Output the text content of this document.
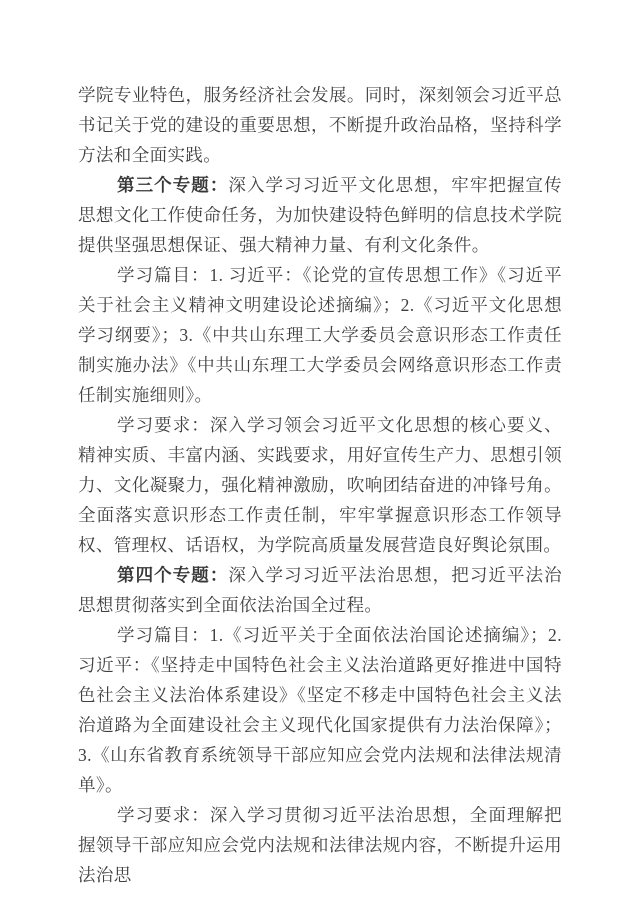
学院专业特色，服务经济社会发展。同时，深刻领会习近平总书记关于党的建设的重要思想，不断提升政治品格，坚持科学方法和全面实践。

第三个专题：深入学习习近平文化思想，牢牢把握宣传思想文化工作使命任务，为加快建设特色鲜明的信息技术学院提供坚强思想保证、强大精神力量、有利文化条件。

学习篇目：1. 习近平：《论党的宣传思想工作》《习近平关于社会主义精神文明建设论述摘编》；2.《习近平文化思想学习纲要》；3.《中共山东理工大学委员会意识形态工作责任制实施办法》《中共山东理工大学委员会网络意识形态工作责任制实施细则》。

学习要求：深入学习领会习近平文化思想的核心要义、精神实质、丰富内涵、实践要求，用好宣传生产力、思想引领力、文化凝聚力，强化精神激励，吹响团结奋进的冲锋号角。全面落实意识形态工作责任制，牢牢掌握意识形态工作领导权、管理权、话语权，为学院高质量发展营造良好舆论氛围。

第四个专题：深入学习习近平法治思想，把习近平法治思想贯彻落实到全面依法治国全过程。

学习篇目：1.《习近平关于全面依法治国论述摘编》；2. 习近平：《坚持走中国特色社会主义法治道路更好推进中国特色社会主义法治体系建设》《坚定不移走中国特色社会主义法治道路为全面建设社会主义现代化国家提供有力法治保障》；3.《山东省教育系统领导干部应知应会党内法规和法律法规清单》。

学习要求：深入学习贯彻习近平法治思想，全面理解把握领导干部应知应会党内法规和法律法规内容，不断提升运用法治思
